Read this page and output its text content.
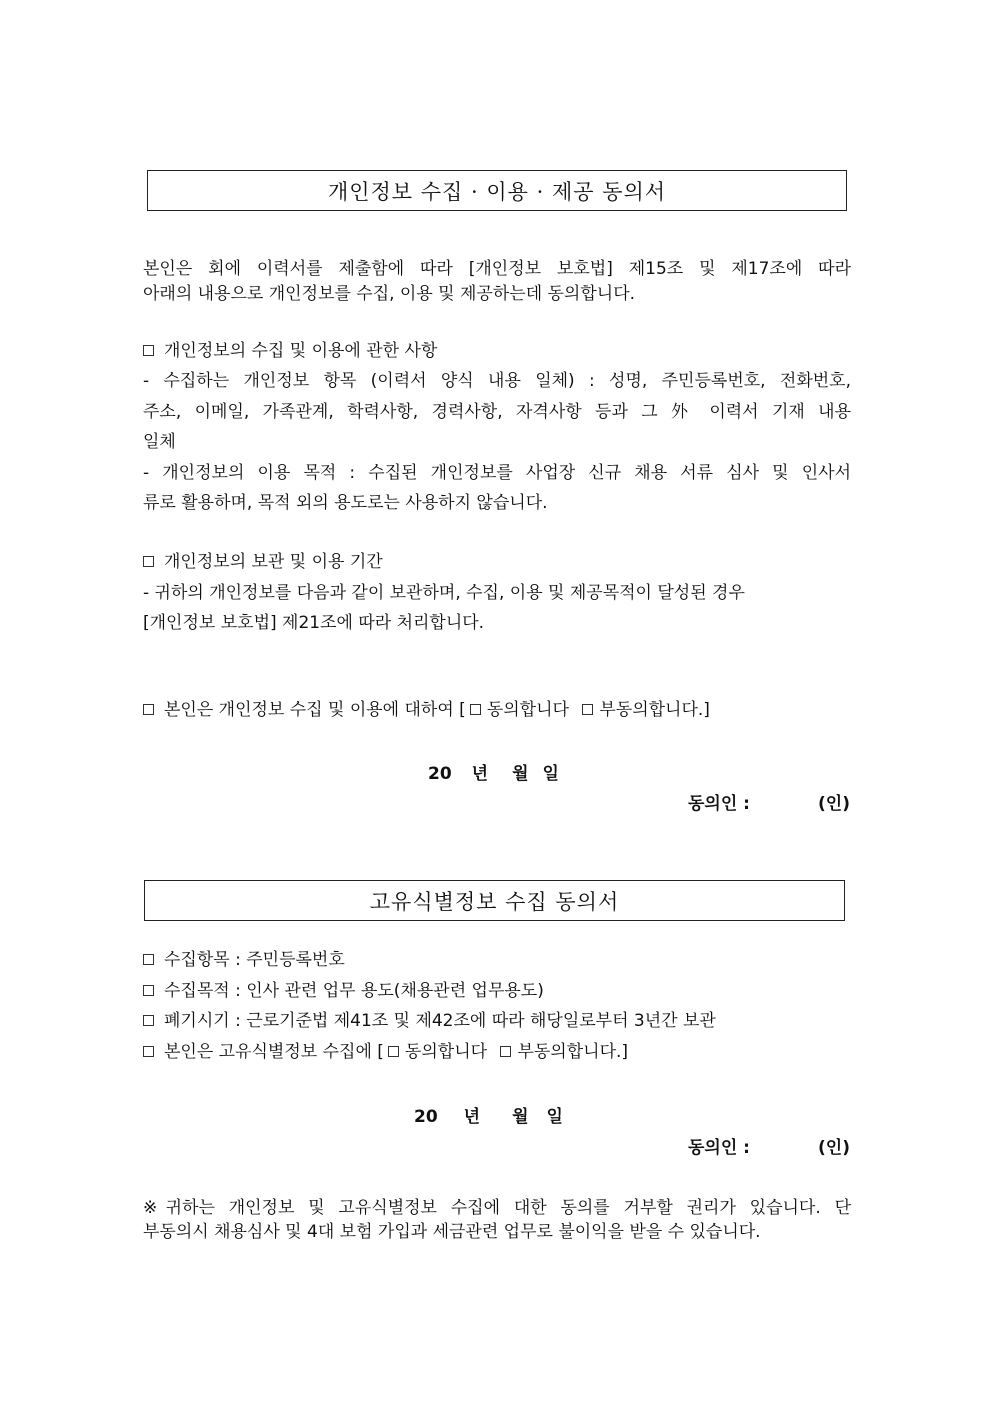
개인정보 수집 · 이용 · 제공 동의서
본인은 회에 이력서를 제출함에 따라 [개인정보 보호법] 제15조 및 제17조에 따라
아래의 내용으로 개인정보를 수집, 이용 및 제공하는데 동의합니다.
개인정보의 수집 및 이용에 관한 사항
- 수집하는 개인정보 항목 (이력서 양식 내용 일체) : 성명, 주민등록번호, 전화번호,
주소, 이메일, 가족관계, 학력사항, 경력사항, 자격사항 등과 그 外 이력서 기재 내용
일체
- 개인정보의 이용 목적 : 수집된 개인정보를 사업장 신규 채용 서류 심사 및 인사서
류로 활용하며, 목적 외의 용도로는 사용하지 않습니다.
개인정보의 보관 및 이용 기간
- 귀하의 개인정보를 다음과 같이 보관하며, 수집, 이용 및 제공목적이 달성된 경우
[개인정보 보호법] 제21조에 따라 처리합니다.
본인은 개인정보 수집 및 이용에 대하여 [ 동의합니다 부동의합니다.]
20 년 월 일
동의인 :	(인)
고유식별정보 수집 동의서
수집항목 : 주민등록번호
수집목적 : 인사 관련 업무 용도(채용관련 업무용도)
폐기시기 : 근로기준법 제41조 및 제42조에 따라 해당일로부터 3년간 보관
본인은 고유식별정보 수집에 [ 동의합니다 부동의합니다.]
20 년 월 일
동의인 :	(인)
※귀하는 개인정보 및 고유식별정보 수집에 대한 동의를 거부할 권리가 있습니다. 단
부동의시 채용심사 및 4대 보험 가입과 세금관련 업무로 불이익을 받을 수 있습니다.
